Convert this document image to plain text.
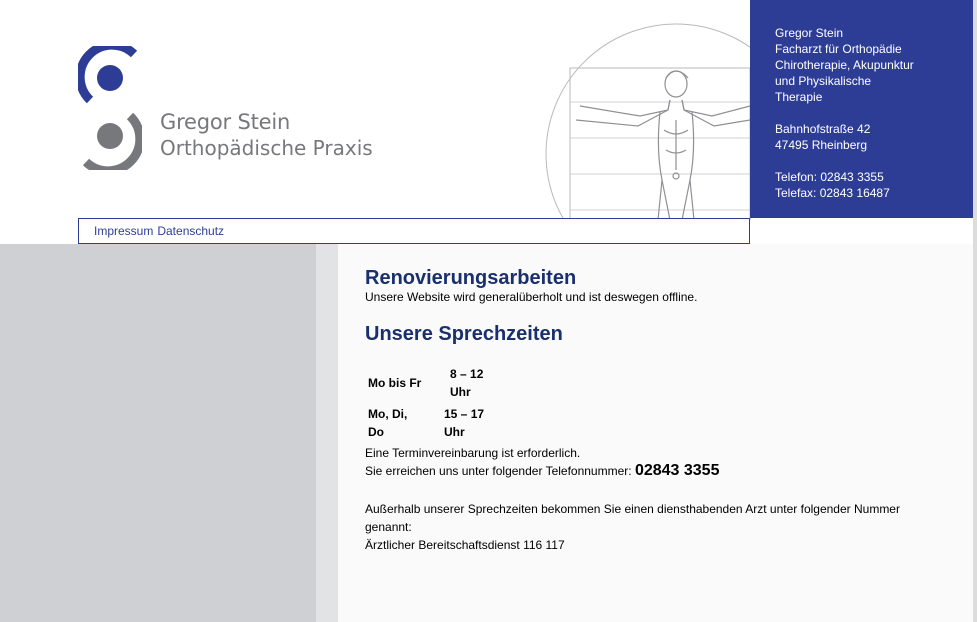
Gregor Stein
Orthopädische Praxis
Gregor Stein
Facharzt für Orthopädie
Chirotherapie, Akupunktur
und Physikalische
Therapie
Bahnhofstraße 42
47495 Rheinberg
Telefon: 02843 3355
Telefax: 02843 16487
Impressum Datenschutz
Renovierungsarbeiten

Unsere Website wird generalüberholt und ist deswegen offline.

Unsere Sprechzeiten
Mo bis Fr
8 – 12
Uhr
Mo, Di,
Do
15 – 17
Uhr

Eine Terminvereinbarung ist erforderlich.

Sie erreichen uns unter folgender Telefonnummer: 02843 3355

Außerhalb unserer Sprechzeiten bekommen Sie einen diensthabenden Arzt unter folgender Nummer genannt:

Ärztlicher Bereitschaftsdienst 116 117
